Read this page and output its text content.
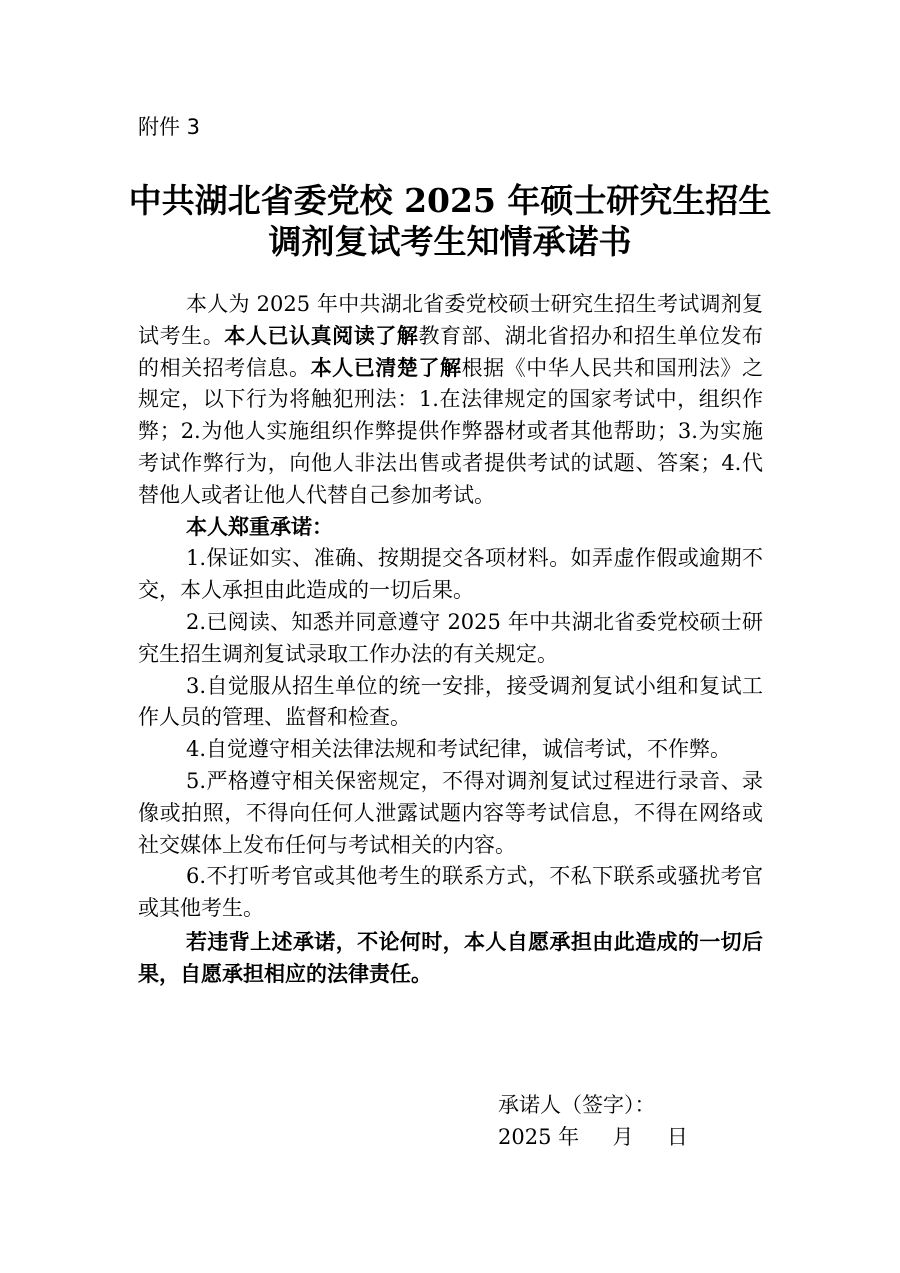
附件 3
中共湖北省委党校 2025 年硕士研究生招生
调剂复试考生知情承诺书

本人为 2025 年中共湖北省委党校硕士研究生招生考试调剂复试考生。本人已认真阅读了解教育部、湖北省招办和招生单位发布的相关招考信息。本人已清楚了解根据《中华人民共和国刑法》之规定，以下行为将触犯刑法：1.在法律规定的国家考试中，组织作弊；2.为他人实施组织作弊提供作弊器材或者其他帮助；3.为实施考试作弊行为，向他人非法出售或者提供考试的试题、答案；4.代替他人或者让他人代替自己参加考试。

本人郑重承诺：

1.保证如实、准确、按期提交各项材料。如弄虚作假或逾期不交，本人承担由此造成的一切后果。

2.已阅读、知悉并同意遵守 2025 年中共湖北省委党校硕士研究生招生调剂复试录取工作办法的有关规定。

3.自觉服从招生单位的统一安排，接受调剂复试小组和复试工作人员的管理、监督和检查。

4.自觉遵守相关法律法规和考试纪律，诚信考试，不作弊。

5.严格遵守相关保密规定，不得对调剂复试过程进行录音、录像或拍照，不得向任何人泄露试题内容等考试信息，不得在网络或社交媒体上发布任何与考试相关的内容。

6.不打听考官或其他考生的联系方式，不私下联系或骚扰考官或其他考生。

若违背上述承诺，不论何时，本人自愿承担由此造成的一切后果，自愿承担相应的法律责任。

承诺人（签字）：
2025 年     月     日
